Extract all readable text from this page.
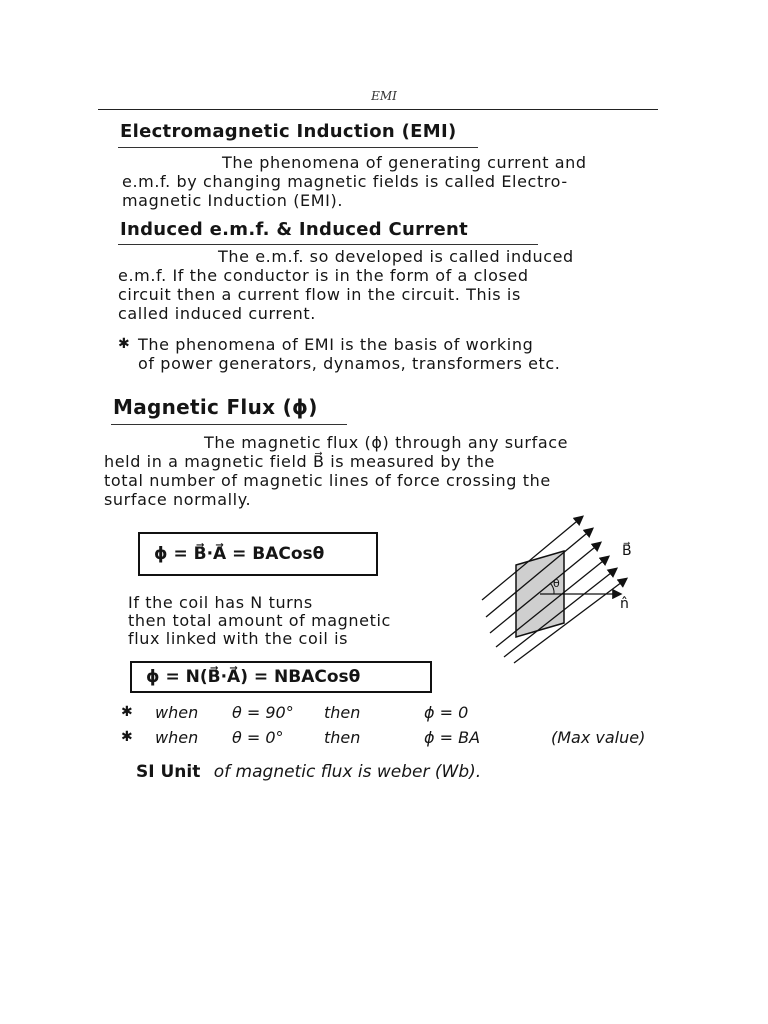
EMI
Electromagnetic Induction (EMI)
The phenomena of generating current and
e.m.f. by changing magnetic fields is called Electro-
magnetic Induction (EMI).
Induced e.m.f. & Induced Current
The e.m.f. so developed is called induced
e.m.f. If the conductor is in the form of a closed
circuit then a current flow in the circuit. This is
called induced current.
✱ The phenomena of EMI is the basis of working
of power generators, dynamos, transformers etc.
Magnetic Flux (ϕ)
The magnetic flux (ϕ) through any surface
held in a magnetic field B⃗ is measured by the
total number of magnetic lines of force crossing the
surface normally.
ϕ = B⃗·A⃗ = BACosθ
If the coil has N turns
then total amount of magnetic
flux linked with the coil is
ϕ = N(B⃗·A⃗) = NBACosθ
θ
B⃗
n̂
✱ when θ = 90° then	ϕ = 0
✱ when θ = 0°	then	ϕ = BA	(Max value)
SI Unit of magnetic flux is weber (Wb).
